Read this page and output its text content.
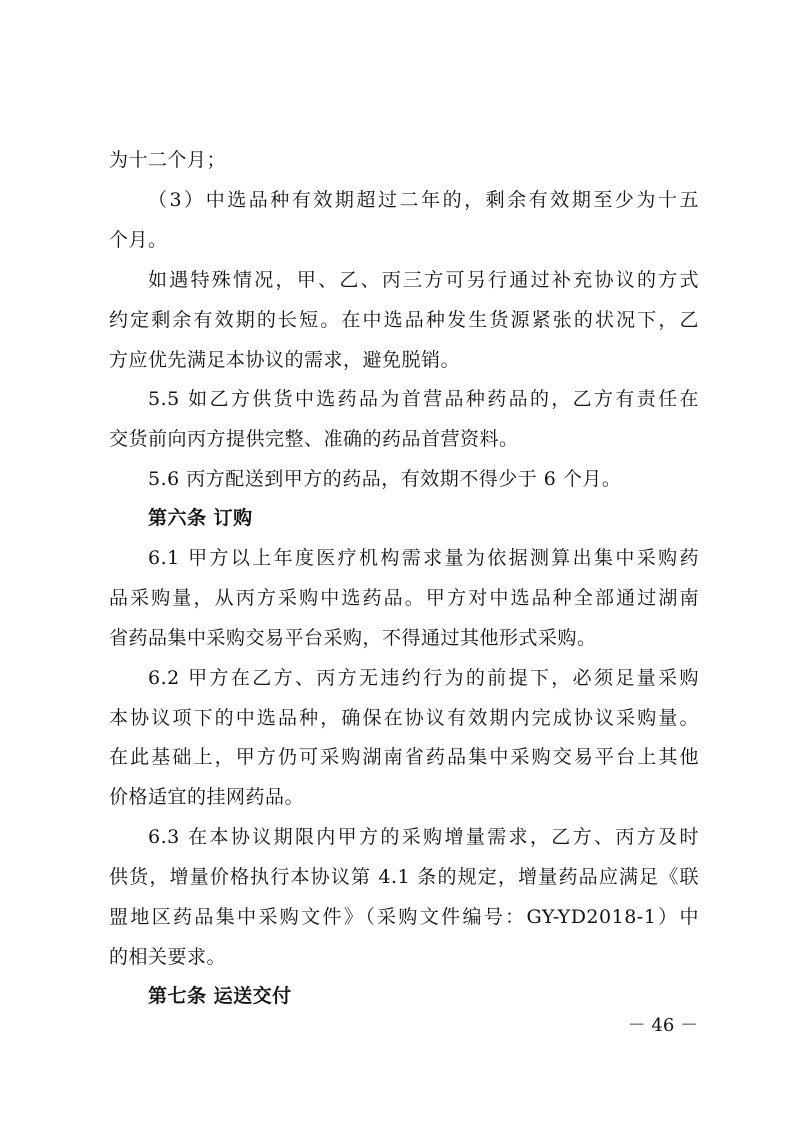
为十二个月；
（3）中选品种有效期超过二年的，剩余有效期至少为十五
个月。
如遇特殊情况，甲、乙、丙三方可另行通过补充协议的方式
约定剩余有效期的长短。在中选品种发生货源紧张的状况下，乙
方应优先满足本协议的需求，避免脱销。
5.5 如乙方供货中选药品为首营品种药品的，乙方有责任在
交货前向丙方提供完整、准确的药品首营资料。
5.6 丙方配送到甲方的药品，有效期不得少于 6 个月。
第六条 订购
6.1 甲方以上年度医疗机构需求量为依据测算出集中采购药
品采购量，从丙方采购中选药品。甲方对中选品种全部通过湖南
省药品集中采购交易平台采购，不得通过其他形式采购。
6.2 甲方在乙方、丙方无违约行为的前提下，必须足量采购
本协议项下的中选品种，确保在协议有效期内完成协议采购量。
在此基础上，甲方仍可采购湖南省药品集中采购交易平台上其他
价格适宜的挂网药品。
6.3 在本协议期限内甲方的采购增量需求，乙方、丙方及时
供货，增量价格执行本协议第 4.1 条的规定，增量药品应满足《联
盟地区药品集中采购文件》（采购文件编号：GY-YD2018-1）中
的相关要求。
第七条 运送交付
－ 46 －
